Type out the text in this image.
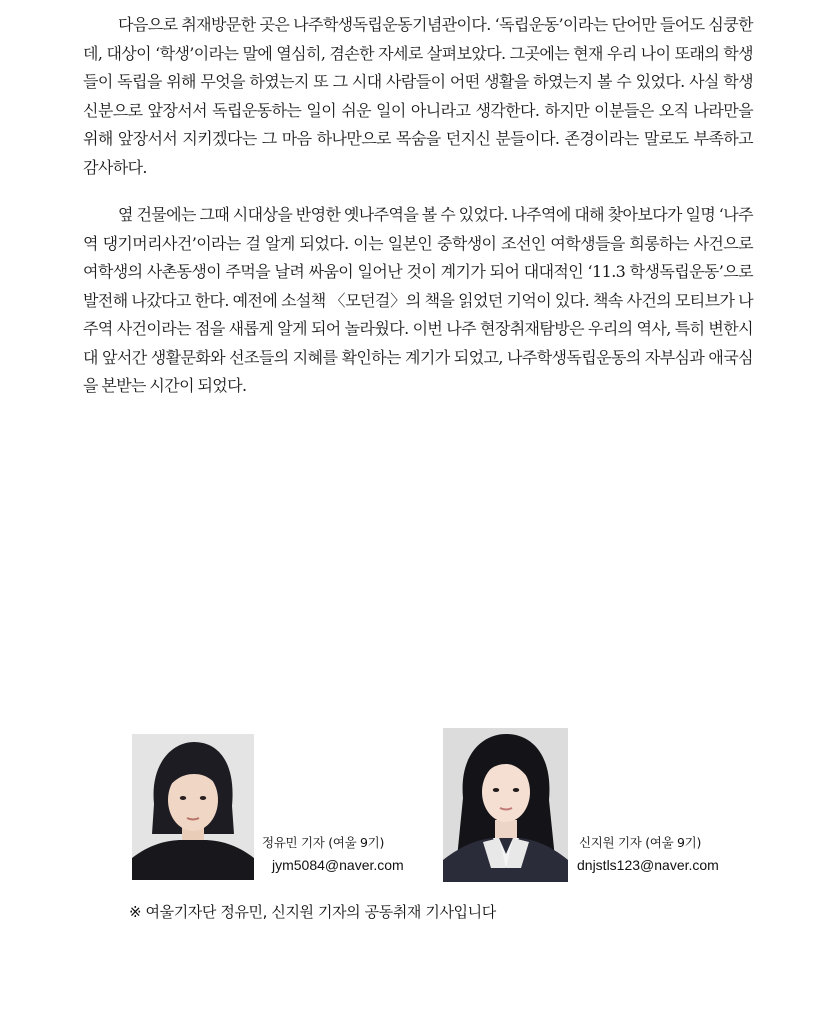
다음으로 취재방문한 곳은 나주학생독립운동기념관이다. ‘독립운동’이라는 단어만 들어도 심쿵한데, 대상이 ‘학생’이라는 말에 열심히, 겸손한 자세로 살펴보았다. 그곳에는 현재 우리 나이 또래의 학생들이 독립을 위해 무엇을 하였는지 또 그 시대 사람들이 어떤 생활을 하였는지 볼 수 있었다. 사실 학생 신분으로 앞장서서 독립운동하는 일이 쉬운 일이 아니라고 생각한다. 하지만 이분들은 오직 나라만을 위해 앞장서서 지키겠다는 그 마음 하나만으로 목숨을 던지신 분들이다. 존경이라는 말로도 부족하고 감사하다.

옆 건물에는 그때 시대상을 반영한 옛나주역을 볼 수 있었다. 나주역에 대해 찾아보다가 일명 ‘나주역 댕기머리사건’이라는 걸 알게 되었다. 이는 일본인 중학생이 조선인 여학생들을 희롱하는 사건으로 여학생의 사촌동생이 주먹을 날려 싸움이 일어난 것이 계기가 되어 대대적인 ‘11.3 학생독립운동’으로 발전해 나갔다고 한다. 예전에 소설책 〈모던걸〉의 책을 읽었던 기억이 있다. 책속 사건의 모티브가 나주역 사건이라는 점을 새롭게 알게 되어 놀라웠다. 이번 나주 현장취재탐방은 우리의 역사, 특히 변한시대 앞서간 생활문화와 선조들의 지혜를 확인하는 계기가 되었고, 나주학생독립운동의 자부심과 애국심을 본받는 시간이 되었다.

정유민 기자 (여울 9기)
jym5084@naver.com
신지원 기자 (여울 9기)
dnjstls123@naver.com
※ 여울기자단 정유민, 신지원 기자의 공동취재 기사입니다
